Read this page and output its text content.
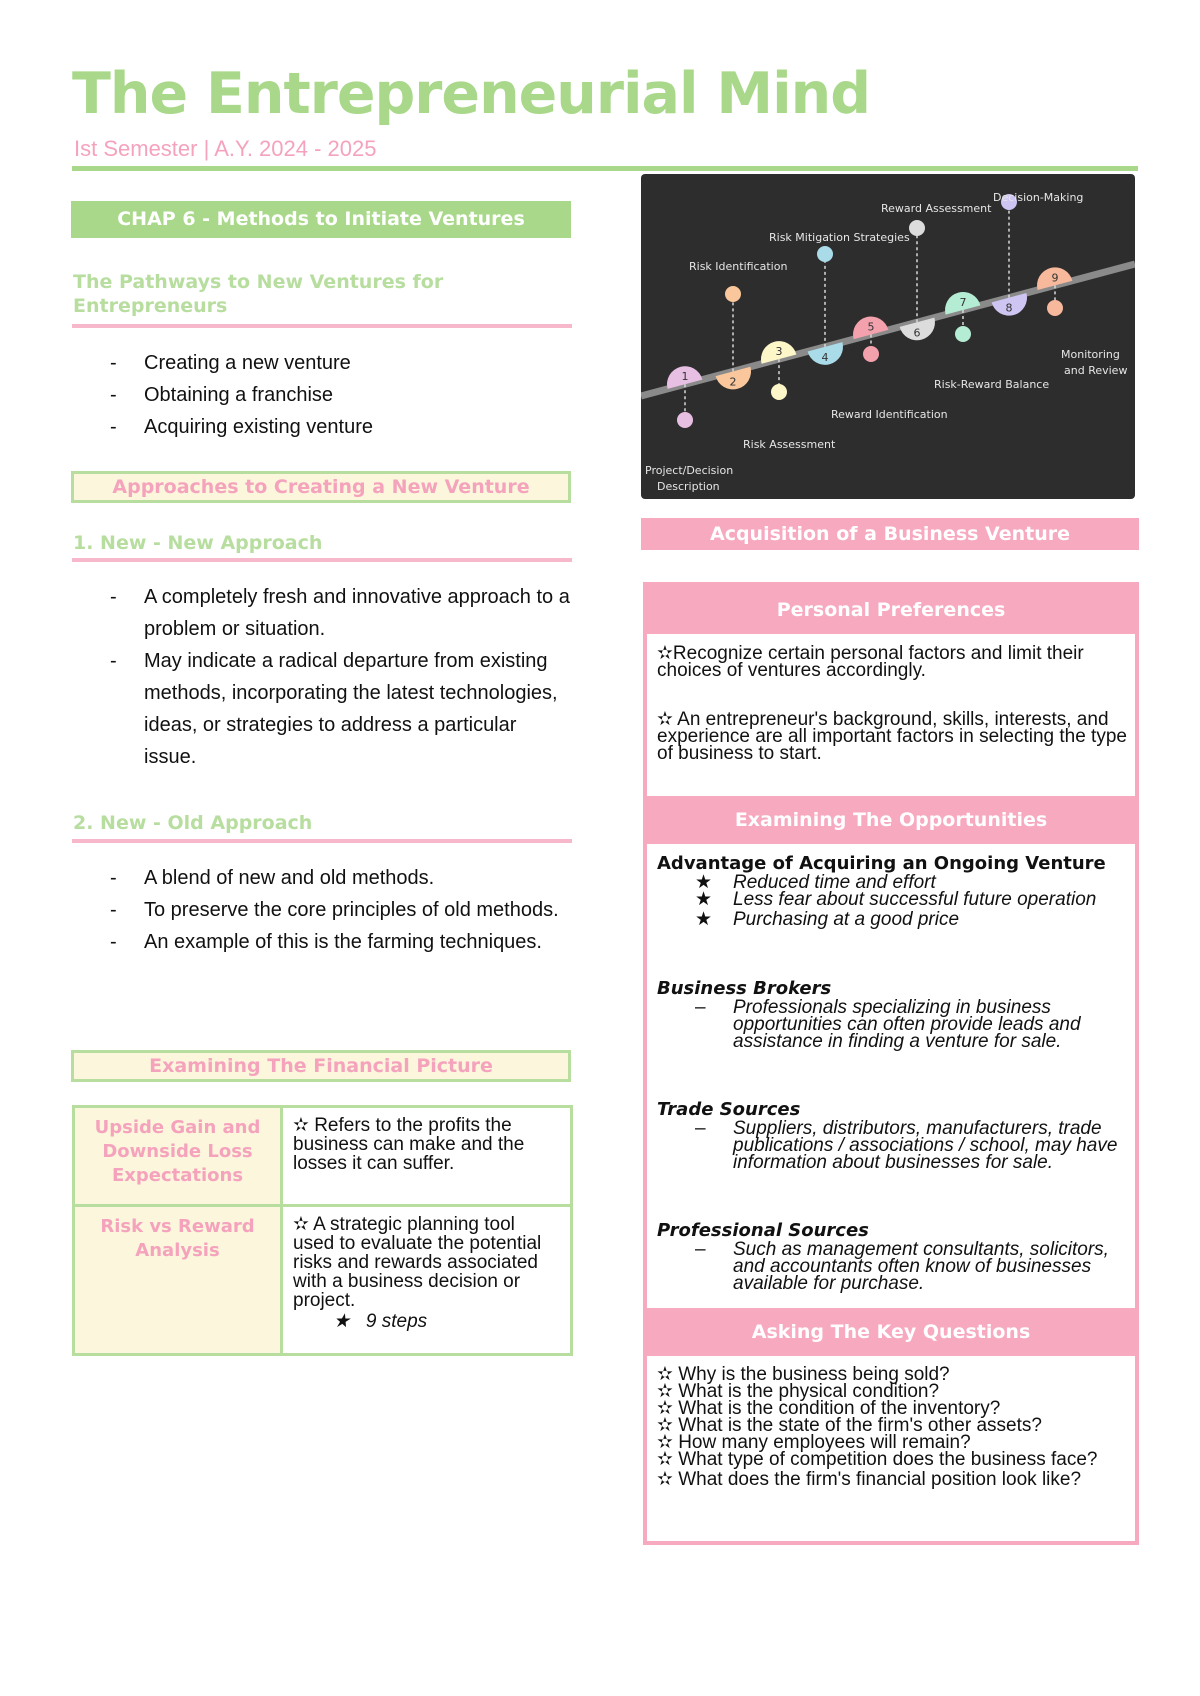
The Entrepreneurial Mind
Ist Semester | A.Y. 2024 - 2025
CHAP 6 - Methods to Initiate Ventures
The Pathways to New Ventures for Entrepreneurs
- Creating a new venture
- Obtaining a franchise
- Acquiring existing venture
Approaches to Creating a New Venture
1. New - New Approach
- A completely fresh and innovative approach to a problem or situation.
- May indicate a radical departure from existing methods, incorporating the latest technologies, ideas, or strategies to address a particular issue.
2. New - Old Approach
- A blend of new and old methods.
- To preserve the core principles of old methods.
- An example of this is the farming techniques.
Examining The Financial Picture
Upside Gain and Downside Loss Expectations	✫ Refers to the profits the business can make and the losses it can suffer.
Risk vs Reward Analysis	✫ A strategic planning tool used to evaluate the potential risks and rewards associated with a business decision or project.
★ 9 steps
1	2
3	4
5	6
7	8
9
Risk Identification
Risk Mitigation Strategies
Reward Assessment
Decision-Making
Monitoring
and Review
Risk-Reward Balance
Reward Identification
Risk Assessment
Project/Decision
Description
Acquisition of a Business Venture
Personal Preferences
✫Recognize certain personal factors and limit their choices of ventures accordingly.
✫ An entrepreneur's background, skills, interests, and experience are all important factors in selecting the type of business to start.
Examining The Opportunities
Advantage of Acquiring an Ongoing Venture
★ Reduced time and effort
★ Less fear about successful future operation
★ Purchasing at a good price
Business Brokers
– Professionals specializing in business opportunities can often provide leads and assistance in finding a venture for sale.
Trade Sources
– Suppliers, distributors, manufacturers, trade publications / associations / school, may have information about businesses for sale.
Professional Sources
– Such as management consultants, solicitors, and accountants often know of businesses available for purchase.
Asking The Key Questions
✫ Why is the business being sold?
✫ What is the physical condition?
✫ What is the condition of the inventory?
✫ What is the state of the firm's other assets?
✫ How many employees will remain?
✫ What type of competition does the business face?
✫ What does the firm's financial position look like?
